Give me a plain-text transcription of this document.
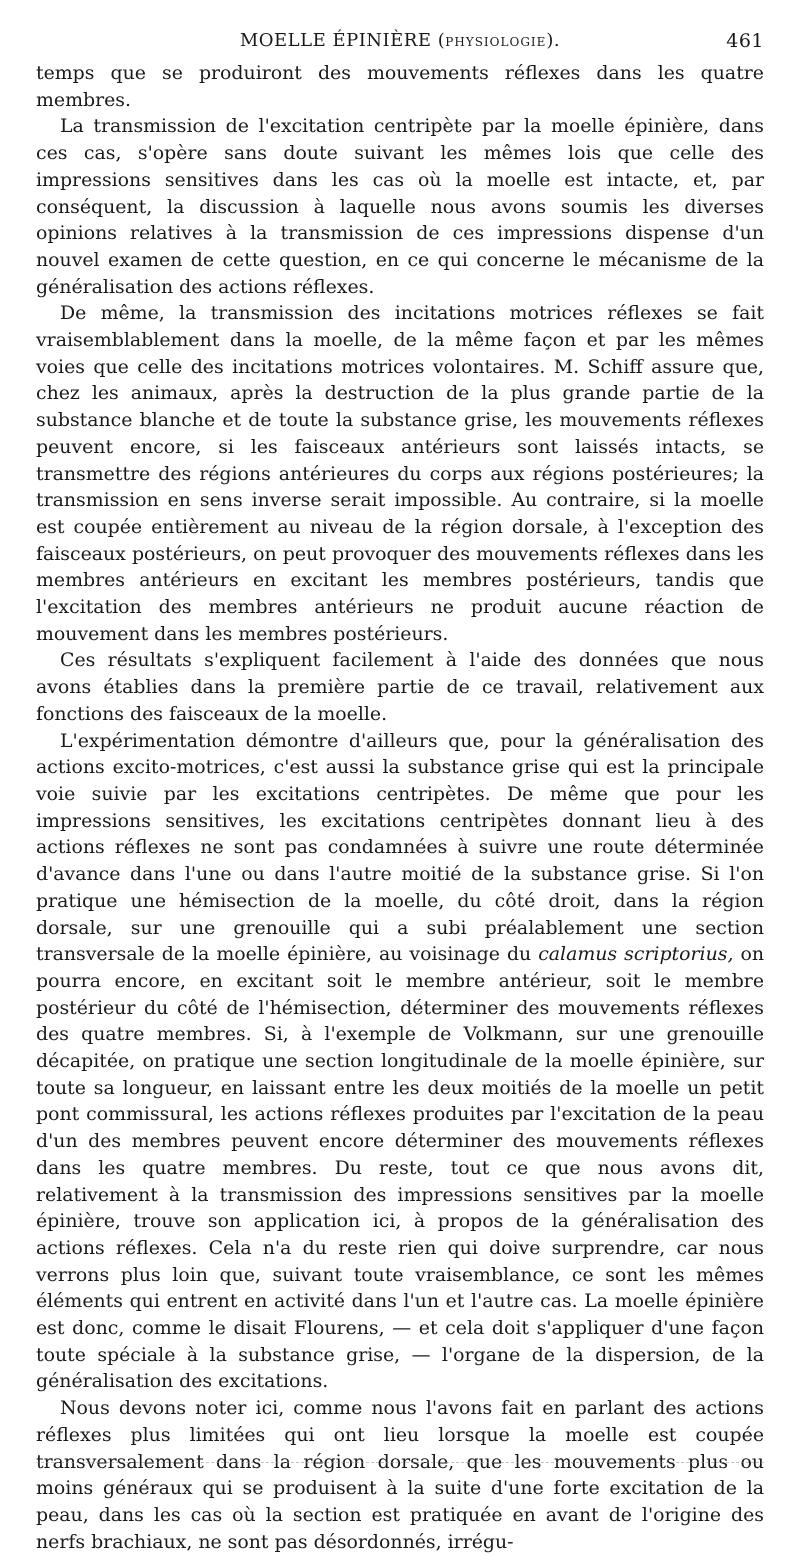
MOELLE ÉPINIÈRE (PHYSIOLOGIE).	461

temps que se produiront des mouvements réflexes dans les quatre membres.

La transmission de l'excitation centripète par la moelle épinière, dans ces cas, s'opère sans doute suivant les mêmes lois que celle des impressions sensitives dans les cas où la moelle est intacte, et, par conséquent, la discussion à laquelle nous avons soumis les diverses opinions relatives à la transmission de ces impressions dispense d'un nouvel examen de cette question, en ce qui concerne le mécanisme de la généralisation des actions réflexes.

De même, la transmission des incitations motrices réflexes se fait vraisemblablement dans la moelle, de la même façon et par les mêmes voies que celle des incitations motrices volontaires. M. Schiff assure que, chez les animaux, après la destruction de la plus grande partie de la substance blanche et de toute la substance grise, les mouvements réflexes peuvent encore, si les faisceaux antérieurs sont laissés intacts, se transmettre des régions antérieures du corps aux régions postérieures; la transmission en sens inverse serait impossible. Au contraire, si la moelle est coupée entièrement au niveau de la région dorsale, à l'exception des faisceaux postérieurs, on peut provoquer des mouvements réflexes dans les membres antérieurs en excitant les membres postérieurs, tandis que l'excitation des membres antérieurs ne produit aucune réaction de mouvement dans les membres postérieurs.

Ces résultats s'expliquent facilement à l'aide des données que nous avons établies dans la première partie de ce travail, relativement aux fonctions des faisceaux de la moelle.

L'expérimentation démontre d'ailleurs que, pour la généralisation des actions excito-motrices, c'est aussi la substance grise qui est la principale voie suivie par les excitations centripètes. De même que pour les impressions sensitives, les excitations centripètes donnant lieu à des actions réflexes ne sont pas condamnées à suivre une route déterminée d'avance dans l'une ou dans l'autre moitié de la substance grise. Si l'on pratique une hémisection de la moelle, du côté droit, dans la région dorsale, sur une grenouille qui a subi préalablement une section transversale de la moelle épinière, au voisinage du calamus scriptorius, on pourra encore, en excitant soit le membre antérieur, soit le membre postérieur du côté de l'hémisection, déterminer des mouvements réflexes des quatre membres. Si, à l'exemple de Volkmann, sur une grenouille décapitée, on pratique une section longitudinale de la moelle épinière, sur toute sa longueur, en laissant entre les deux moitiés de la moelle un petit pont commissural, les actions réflexes produites par l'excitation de la peau d'un des membres peuvent encore déterminer des mouvements réflexes dans les quatre membres. Du reste, tout ce que nous avons dit, relativement à la transmission des impressions sensitives par la moelle épinière, trouve son application ici, à propos de la généralisation des actions réflexes. Cela n'a du reste rien qui doive surprendre, car nous verrons plus loin que, suivant toute vraisemblance, ce sont les mêmes éléments qui entrent en activité dans l'un et l'autre cas. La moelle épinière est donc, comme le disait Flourens, — et cela doit s'appliquer d'une façon toute spéciale à la substance grise, — l'organe de la dispersion, de la généralisation des excitations.

Nous devons noter ici, comme nous l'avons fait en parlant des actions réflexes plus limitées qui ont lieu lorsque la moelle est coupée transversalement dans la région dorsale, que les mouvements plus ou moins généraux qui se produisent à la suite d'une forte excitation de la peau, dans les cas où la section est pratiquée en avant de l'origine des nerfs brachiaux, ne sont pas désordonnés, irrégu-
